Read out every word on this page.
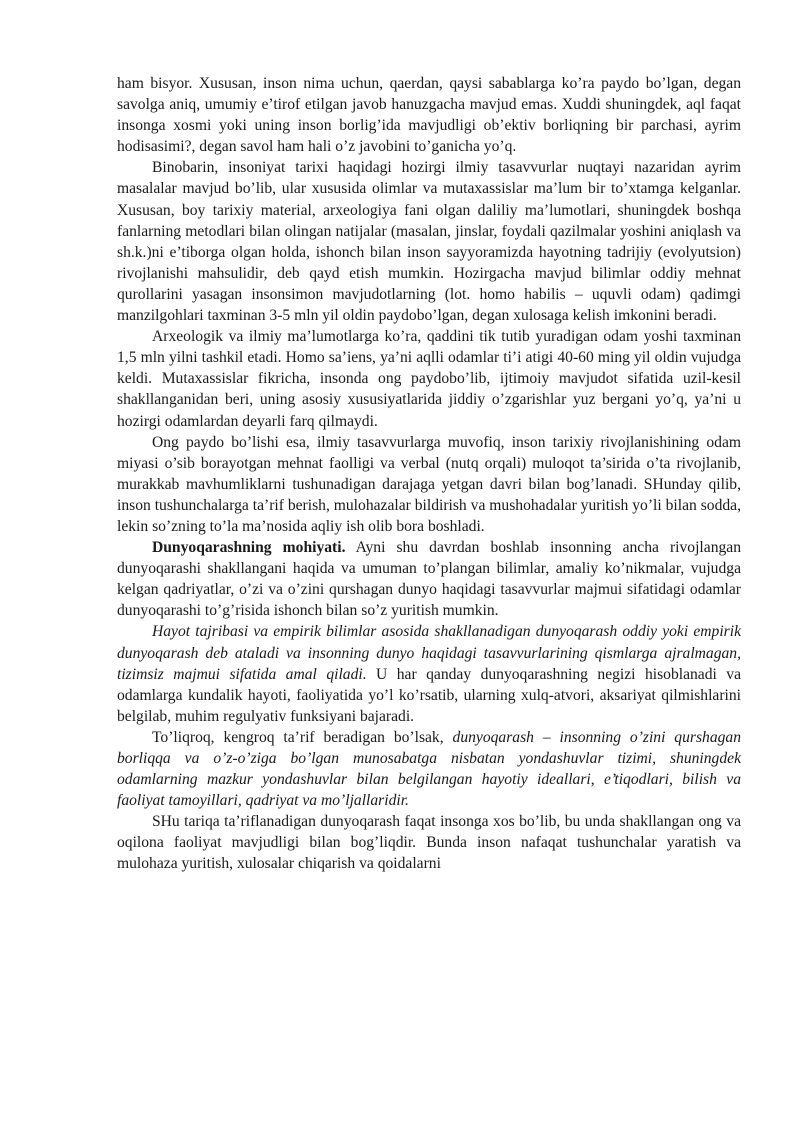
ham bisyor. Xususan, inson nima uchun, qaerdan, qaysi sabablarga ko’ra paydo bo’lgan, degan savolga aniq, umumiy e’tirof etilgan javob hanuzgacha mavjud emas. Xuddi shuningdek, aql faqat insonga xosmi yoki uning inson borlig’ida mavjudligi ob’ektiv borliqning bir parchasi, ayrim hodisasimi?, degan savol ham hali o’z javobini to’ganicha yo’q.

Binobarin, insoniyat tarixi haqidagi hozirgi ilmiy tasavvurlar nuqtayi nazaridan ayrim masalalar mavjud bo’lib, ular xususida olimlar va mutaxassislar ma’lum bir to’xtamga kelganlar. Xususan, boy tarixiy material, arxeologiya fani olgan daliliy ma’lumotlari, shuningdek boshqa fanlarning metodlari bilan olingan natijalar (masalan, jinslar, foydali qazilmalar yoshini aniqlash va sh.k.)ni e’tiborga olgan holda, ishonch bilan inson sayyoramizda hayotning tadrijiy (evolyutsion) rivojlanishi mahsulidir, deb qayd etish mumkin. Hozirgacha mavjud bilimlar oddiy mehnat qurollarini yasagan insonsimon mavjudotlarning (lot. homo habilis – uquvli odam) qadimgi manzilgohlari taxminan 3-5 mln yil oldin paydobo’lgan, degan xulosaga kelish imkonini beradi.

Arxeologik va ilmiy ma’lumotlarga ko’ra, qaddini tik tutib yuradigan odam yoshi taxminan 1,5 mln yilni tashkil etadi. Homo sa’iens, ya’ni aqlli odamlar ti’i atigi 40-60 ming yil oldin vujudga keldi. Mutaxassislar fikricha, insonda ong paydobo’lib, ijtimoiy mavjudot sifatida uzil-kesil shakllanganidan beri, uning asosiy xususiyatlarida jiddiy o’zgarishlar yuz bergani yo’q, ya’ni u hozirgi odamlardan deyarli farq qilmaydi.

Ong paydo bo’lishi esa, ilmiy tasavvurlarga muvofiq, inson tarixiy rivojlanishining odam miyasi o’sib borayotgan mehnat faolligi va verbal (nutq orqali) muloqot ta’sirida o’ta rivojlanib, murakkab mavhumliklarni tushunadigan darajaga yetgan davri bilan bog’lanadi. SHunday qilib, inson tushunchalarga ta’rif berish, mulohazalar bildirish va mushohadalar yuritish yo’li bilan sodda, lekin so’zning to’la ma’nosida aqliy ish olib bora boshladi.

Dunyoqarashning mohiyati. Ayni shu davrdan boshlab insonning ancha rivojlangan dunyoqarashi shakllangani haqida va umuman to’plangan bilimlar, amaliy ko’nikmalar, vujudga kelgan qadriyatlar, o’zi va o’zini qurshagan dunyo haqidagi tasavvurlar majmui sifatidagi odamlar dunyoqarashi to’g’risida ishonch bilan so’z yuritish mumkin.

Hayot tajribasi va empirik bilimlar asosida shakllanadigan dunyoqarash oddiy yoki empirik dunyoqarash deb ataladi va insonning dunyo haqidagi tasavvurlarining qismlarga ajralmagan, tizimsiz majmui sifatida amal qiladi. U har qanday dunyoqarashning negizi hisoblanadi va odamlarga kundalik hayoti, faoliyatida yo’l ko’rsatib, ularning xulq-atvori, aksariyat qilmishlarini belgilab, muhim regulyativ funksiyani bajaradi.

To’liqroq, kengroq ta’rif beradigan bo’lsak, dunyoqarash – insonning o’zini qurshagan borliqqa va o’z-o’ziga bo’lgan munosabatga nisbatan yondashuvlar tizimi, shuningdek odamlarning mazkur yondashuvlar bilan belgilangan hayotiy ideallari, e’tiqodlari, bilish va faoliyat tamoyillari, qadriyat va mo’ljallaridir.

SHu tariqa ta’riflanadigan dunyoqarash faqat insonga xos bo’lib, bu unda shakllangan ong va oqilona faoliyat mavjudligi bilan bog’liqdir. Bunda inson nafaqat tushunchalar yaratish va mulohaza yuritish, xulosalar chiqarish va qoidalarni
